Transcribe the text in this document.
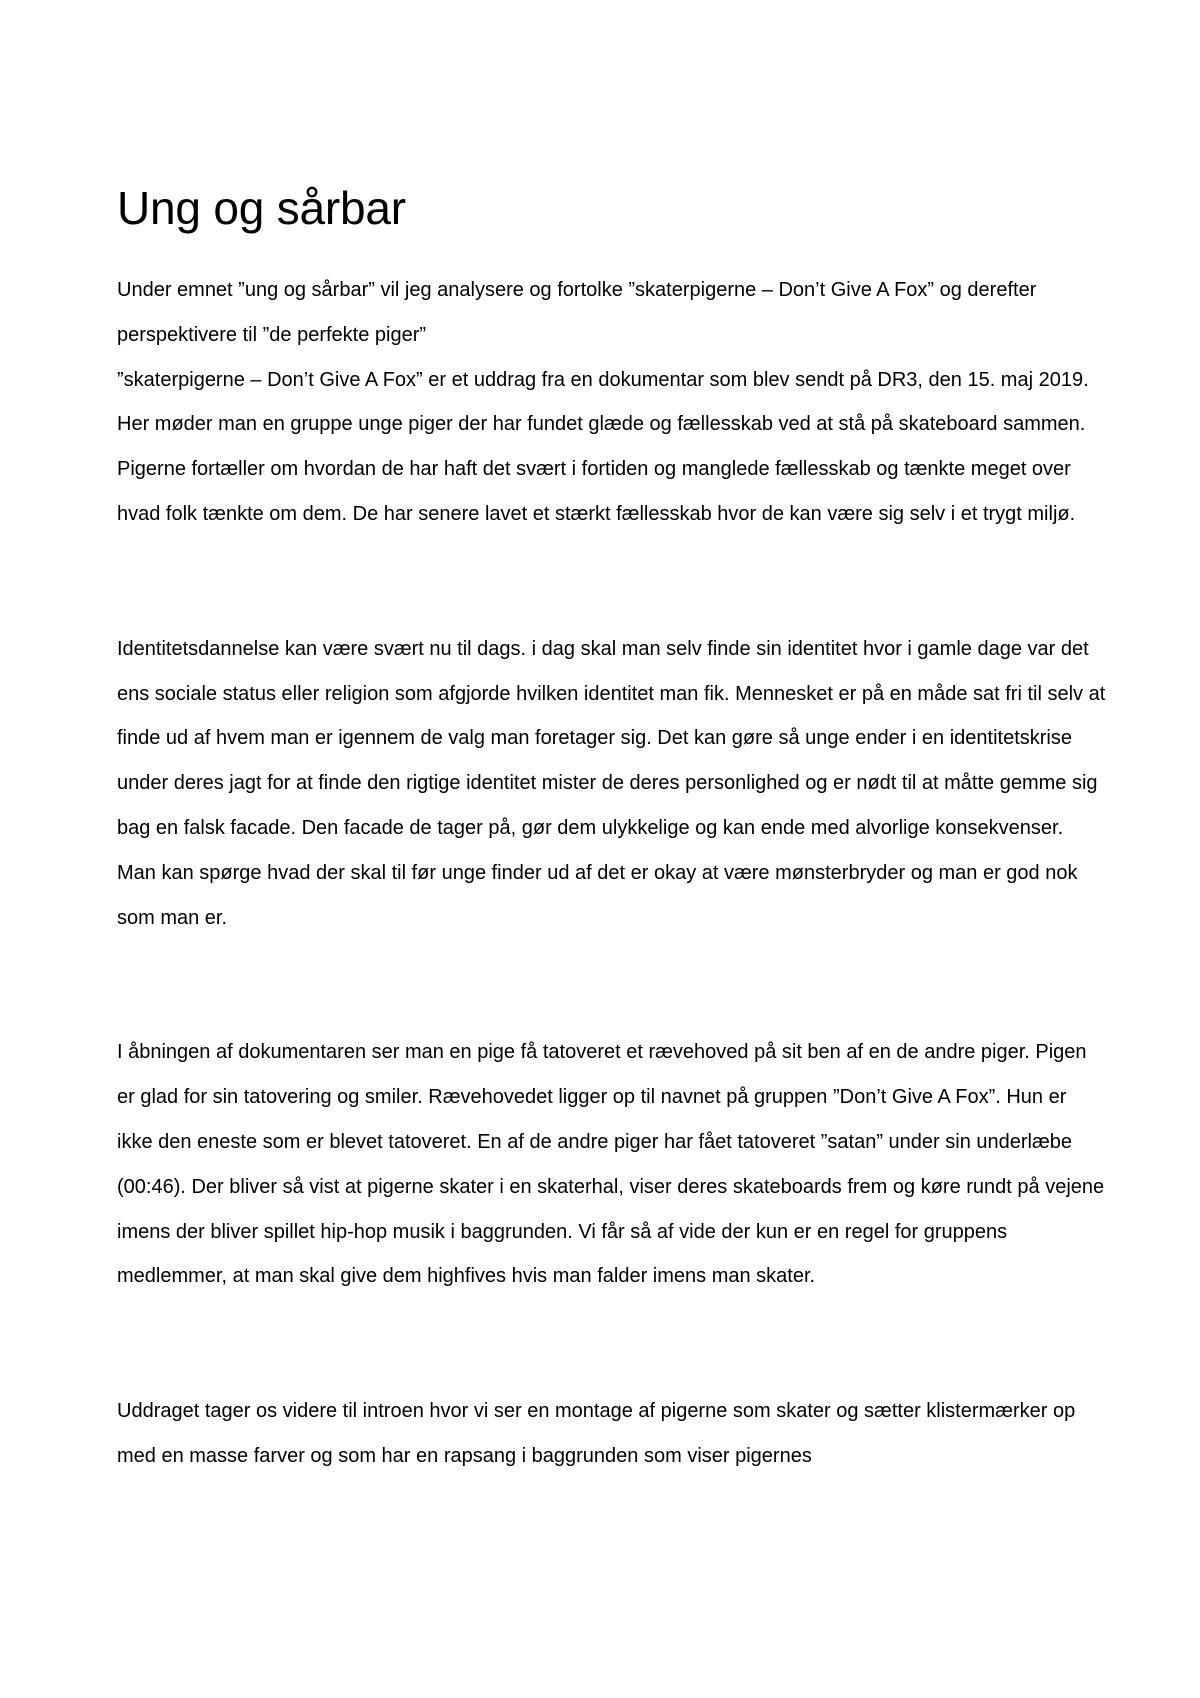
Ung og sårbar

Under emnet ”ung og sårbar” vil jeg analysere og fortolke ”skaterpigerne – Don’t Give A Fox” og derefter perspektivere til ”de perfekte piger”

”skaterpigerne – Don’t Give A Fox” er et uddrag fra en dokumentar som blev sendt på DR3, den 15. maj 2019. Her møder man en gruppe unge piger der har fundet glæde og fællesskab ved at stå på skateboard sammen. Pigerne fortæller om hvordan de har haft det svært i fortiden og manglede fællesskab og tænkte meget over hvad folk tænkte om dem. De har senere lavet et stærkt fællesskab hvor de kan være sig selv i et trygt miljø.

Identitetsdannelse kan være svært nu til dags. i dag skal man selv finde sin identitet hvor i gamle dage var det ens sociale status eller religion som afgjorde hvilken identitet man fik. Mennesket er på en måde sat fri til selv at finde ud af hvem man er igennem de valg man foretager sig. Det kan gøre så unge ender i en identitetskrise under deres jagt for at finde den rigtige identitet mister de deres personlighed og er nødt til at måtte gemme sig bag en falsk facade. Den facade de tager på, gør dem ulykkelige og kan ende med alvorlige konsekvenser. Man kan spørge hvad der skal til før unge finder ud af det er okay at være mønsterbryder og man er god nok som man er.

I åbningen af dokumentaren ser man en pige få tatoveret et rævehoved på sit ben af en de andre piger. Pigen er glad for sin tatovering og smiler. Rævehovedet ligger op til navnet på gruppen ”Don’t Give A Fox”. Hun er ikke den eneste som er blevet tatoveret. En af de andre piger har fået tatoveret ”satan” under sin underlæbe (00:46). Der bliver så vist at pigerne skater i en skaterhal, viser deres skateboards frem og køre rundt på vejene imens der bliver spillet hip-hop musik i baggrunden. Vi får så af vide der kun er en regel for gruppens medlemmer, at man skal give dem highfives hvis man falder imens man skater.

Uddraget tager os videre til introen hvor vi ser en montage af pigerne som skater og sætter klistermærker op med en masse farver og som har en rapsang i baggrunden som viser pigernes
